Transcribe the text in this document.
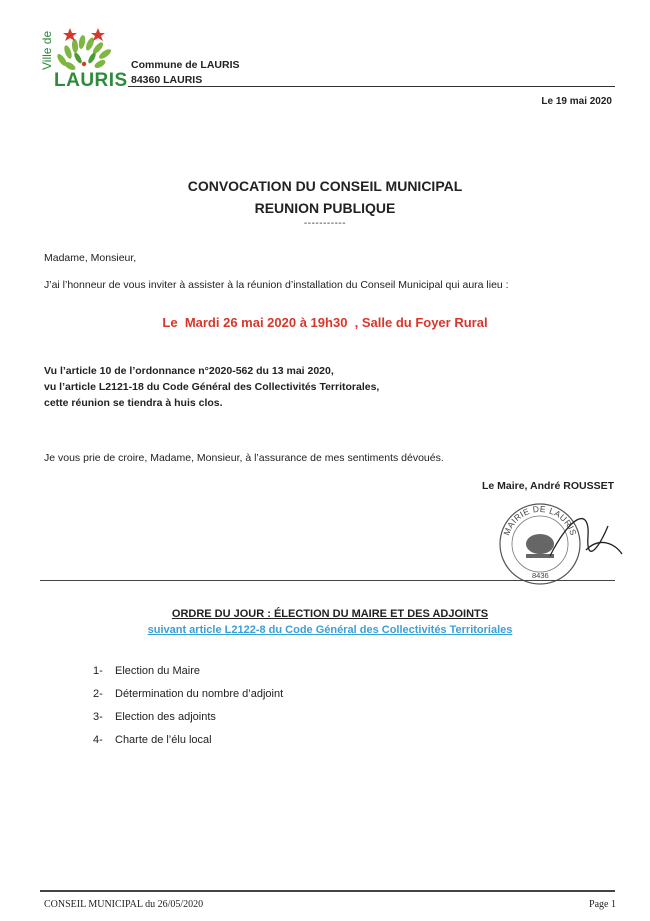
Ville de
LAURIS
Commune de LAURIS
84360 LAURIS
Le 19 mai 2020
CONVOCATION DU CONSEIL MUNICIPAL
REUNION PUBLIQUE
-----------
Madame, Monsieur,
J’ai l’honneur de vous inviter à assister à la réunion d’installation du Conseil Municipal qui aura lieu :
Le  Mardi 26 mai 2020 à 19h30  , Salle du Foyer Rural
Vu l’article 10 de l’ordonnance n°2020-562 du 13 mai 2020,
vu l’article L2121-18 du Code Général des Collectivités Territorales,
cette réunion se tiendra à huis clos.
Je vous prie de croire, Madame, Monsieur, à l’assurance de mes sentiments dévoués.
Le Maire, André ROUSSET
MAIRIE DE LAURIS
8436
ORDRE DU JOUR : ÉLECTION DU MAIRE ET DES ADJOINTS
suivant article L2122-8 du Code Général des Collectivités Territoriales
1-	Election du Maire
2-	Détermination du nombre d’adjoint
3-	Election des adjoints
4-	Charte de l’élu local
CONSEIL MUNICIPAL du 26/05/2020	Page 1
